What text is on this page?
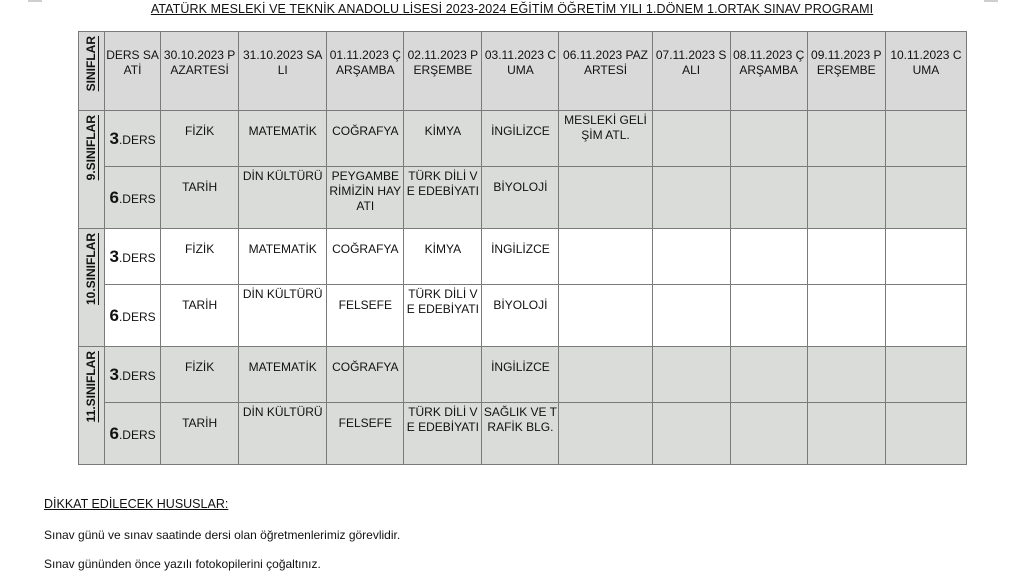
ATATÜRK MESLEKİ VE TEKNİK ANADOLU LİSESİ 2023-2024 EĞİTİM ÖĞRETİM YILI 1.DÖNEM 1.ORTAK SINAV PROGRAMI
SINIFLAR	DERS SAATİ	30.10.2023 PAZARTESİ	31.10.2023 SALI	01.11.2023 ÇARŞAMBA	02.11.2023 PERŞEMBE	03.11.2023 CUMA	06.11.2023 PAZARTESİ	07.11.2023 SALI	08.11.2023 ÇARŞAMBA	09.11.2023 PERŞEMBE	10.11.2023 CUMA

9.SINIFLAR	3.DERS	FİZİK	MATEMATİK	COĞRAFYA	KİMYA	İNGİLİZCE	MESLEKİ GELİŞİM ATL.				
	6.DERS	TARİH	DİN KÜLTÜRÜ	PEYGAMBERİMİZİN HAYATI	TÜRK DİLİ VE EDEBİYATI	BİYOLOJİ					

10.SINIFLAR	3.DERS	FİZİK	MATEMATİK	COĞRAFYA	KİMYA	İNGİLİZCE					
	6.DERS	TARİH	DİN KÜLTÜRÜ	FELSEFE	TÜRK DİLİ VE EDEBİYATI	BİYOLOJİ					

11.SINIFLAR	3.DERS	FİZİK	MATEMATİK	COĞRAFYA		İNGİLİZCE					
	6.DERS	TARİH	DİN KÜLTÜRÜ	FELSEFE	TÜRK DİLİ VE EDEBİYATI	SAĞLIK VE TRAFİK BLG.					
DİKKAT EDİLECEK HUSUSLAR:
Sınav günü ve sınav saatinde dersi olan öğretmenlerimiz görevlidir.
Sınav gününden önce yazılı fotokopilerini çoğaltınız.
